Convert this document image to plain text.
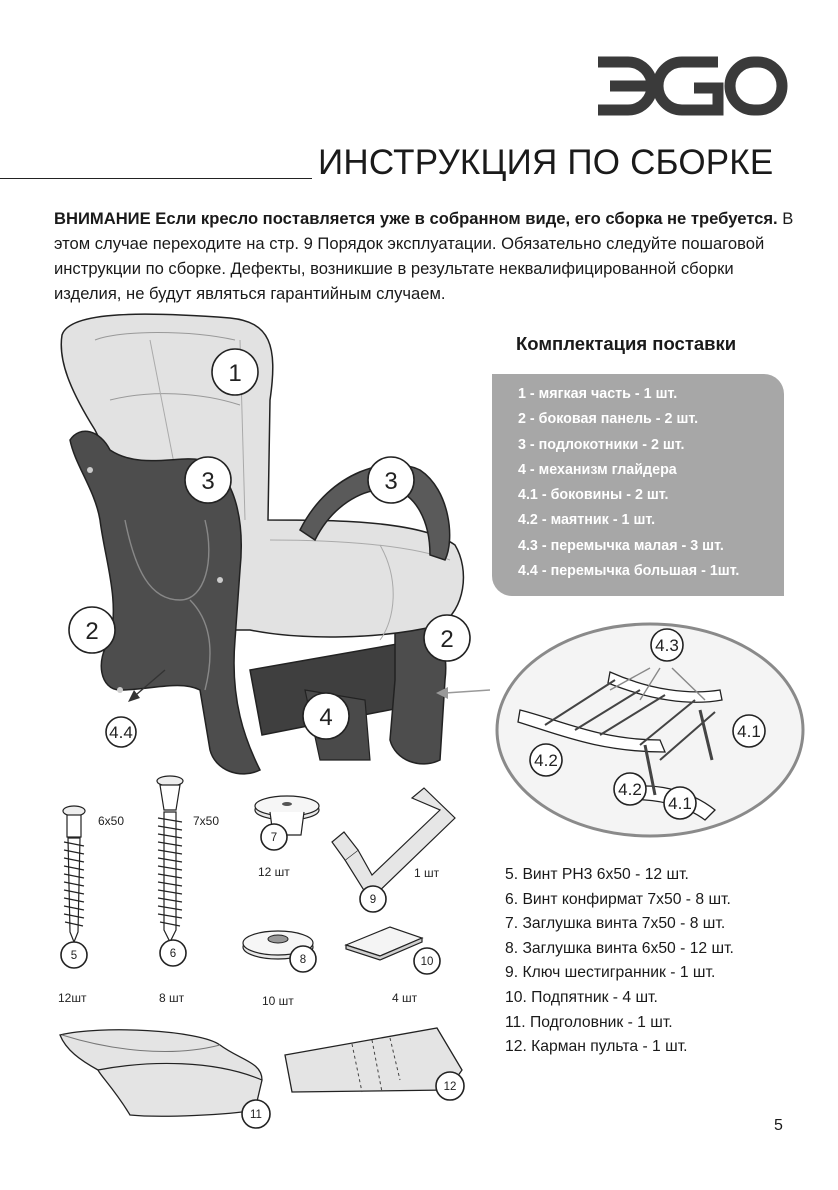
ИНСТРУКЦИЯ ПО СБОРКЕ
ВНИМАНИЕ Если кресло поставляется уже в собранном виде, его сборка не требуется. В этом случае переходите на стр. 9 Порядок эксплуатации. Обязательно следуйте пошаговой инструкции по сборке. Дефекты, возникшие в результате неквалифицированной сборки изделия, не будут являться гарантийным случаем.
Комплектация поставки
1 - мягкая часть - 1 шт.
2 - боковая панель - 2 шт.
3 - подлокотники - 2 шт.
4 - механизм глайдера
4.1 - боковины - 2 шт.
4.2 - маятник - 1 шт.
4.3 - перемычка малая - 3 шт.
4.4 - перемычка большая - 1шт.
1
3	3
2	2
4
4.4
4.3
4.1
4.2
4.2
4.1
6x50
5
12шт
7x50
6
8 шт
7
12 шт
9
1 шт
8
10 шт
10
4 шт
11
12
5. Винт РН3 6х50 - 12 шт.
6. Винт конфирмат 7х50 - 8 шт.
7. Заглушка винта 7х50 - 8 шт.
8. Заглушка винта 6х50 - 12 шт.
9. Ключ шестигранник - 1 шт.
10. Подпятник - 4 шт.
11. Подголовник - 1 шт.
12. Карман пульта - 1 шт.
5
